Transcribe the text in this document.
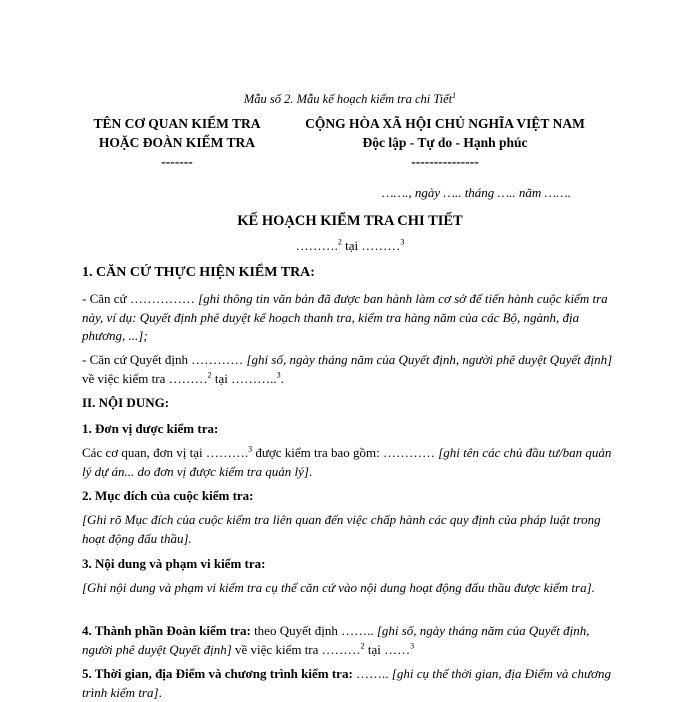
Mẫu số 2. Mẫu kế hoạch kiểm tra chi Tiết$^1$
TÊN CƠ QUAN KIỂM TRA
HOẶC ĐOÀN KIỂM TRA
-------
CỘNG HÒA XÃ HỘI CHỦ NGHĨA VIỆT NAM
Độc lập - Tự do - Hạnh phúc
---------------
……., ngày ….. tháng ….. năm …….
KẾ HOẠCH KIỂM TRA CHI TIẾT
……….$^2$ tại ………$^3$
1. CĂN CỨ THỰC HIỆN KIỂM TRA:
- Căn cứ …………… [ghi thông tin văn bản đã được ban hành làm cơ sở để tiến hành cuộc kiểm tra này, ví dụ: Quyết định phê duyệt kế hoạch thanh tra, kiểm tra hàng năm của các Bộ, ngành, địa phương, ...];
- Căn cứ Quyết định ………… [ghi số, ngày tháng năm của Quyết định, người phê duyệt Quyết định] về việc kiểm tra ………$^2$ tại ………..$^3$.
II. NỘI DUNG:
1. Đơn vị được kiểm tra:
Các cơ quan, đơn vị tại ……….$^3$ được kiểm tra bao gồm: ………… [ghi tên các chủ đầu tư/ban quản lý dự án... do đơn vị được kiểm tra quản lý].
2. Mục đích của cuộc kiểm tra:
[Ghi rõ Mục đích của cuộc kiểm tra liên quan đến việc chấp hành các quy định của pháp luật trong hoạt động đấu thầu].
3. Nội dung và phạm vi kiểm tra:
[Ghi nội dung và phạm vi kiểm tra cụ thể căn cứ vào nội dung hoạt động đấu thầu được kiểm tra].
4. Thành phần Đoàn kiểm tra: theo Quyết định …….. [ghi số, ngày tháng năm của Quyết định, người phê duyệt Quyết định] về việc kiểm tra ………$^2$ tại ……$^3$
5. Thời gian, địa Điểm và chương trình kiểm tra: …….. [ghi cụ thể thời gian, địa Điểm và chương trình kiểm tra].
